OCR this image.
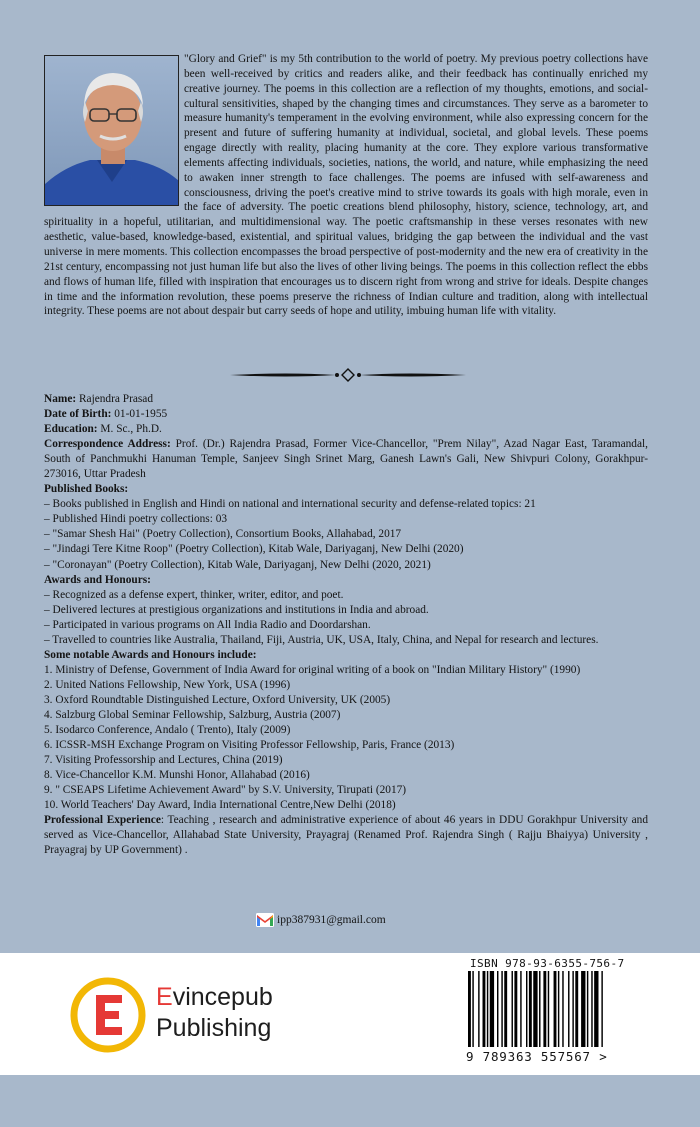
"Glory and Grief" is my 5th contribution to the world of poetry. My previous poetry collections have been well-received by critics and readers alike, and their feedback has continually enriched my creative journey. The poems in this collection are a reflection of my thoughts, emotions, and social-cultural sensitivities, shaped by the changing times and circumstances. They serve as a barometer to measure humanity's temperament in the evolving environment, while also expressing concern for the present and future of suffering humanity at individual, societal, and global levels. These poems engage directly with reality, placing humanity at the core. They explore various transformative elements affecting individuals, societies, nations, the world, and nature, while emphasizing the need to awaken inner strength to face challenges. The poems are infused with self-awareness and consciousness, driving the poet's creative mind to strive towards its goals with high morale, even in the face of adversity. The poetic creations blend philosophy, history, science, technology, art, and spirituality in a hopeful, utilitarian, and multidimensional way. The poetic craftsmanship in these verses resonates with new aesthetic, value-based, knowledge-based, existential, and spiritual values, bridging the gap between the individual and the vast universe in mere moments. This collection encompasses the broad perspective of post-modernity and the new era of creativity in the 21st century, encompassing not just human life but also the lives of other living beings. The poems in this collection reflect the ebbs and flows of human life, filled with inspiration that encourages us to discern right from wrong and strive for ideals. Despite changes in time and the information revolution, these poems preserve the richness of Indian culture and tradition, along with intellectual integrity. These poems are not about despair but carry seeds of hope and utility, imbuing human life with vitality.

Name: Rajendra Prasad

Date of Birth: 01-01-1955

Education: M. Sc., Ph.D.

Correspondence Address: Prof. (Dr.) Rajendra Prasad, Former Vice-Chancellor, "Prem Nilay", Azad Nagar East, Taramandal, South of Panchmukhi Hanuman Temple, Sanjeev Singh Srinet Marg, Ganesh Lawn's Gali, New Shivpuri Colony, Gorakhpur-273016, Uttar Pradesh

Published Books:

– Books published in English and Hindi on national and international security and defense-related topics: 21

– Published Hindi poetry collections: 03

– "Samar Shesh Hai" (Poetry Collection), Consortium Books, Allahabad, 2017

– "Jindagi Tere Kitne Roop" (Poetry Collection), Kitab Wale, Dariyaganj, New Delhi (2020)

– "Coronayan" (Poetry Collection), Kitab Wale, Dariyaganj, New Delhi (2020, 2021)

Awards and Honours:

– Recognized as a defense expert, thinker, writer, editor, and poet.

– Delivered lectures at prestigious organizations and institutions in India and abroad.

– Participated in various programs on All India Radio and Doordarshan.

– Travelled to countries like Australia, Thailand, Fiji, Austria, UK, USA, Italy, China, and Nepal for research and lectures.

Some notable Awards and Honours include:

1. Ministry of Defense, Government of India Award for original writing of a book on "Indian Military History" (1990)

2. United Nations Fellowship, New York, USA (1996)

3. Oxford Roundtable Distinguished Lecture, Oxford University, UK (2005)

4. Salzburg Global Seminar Fellowship, Salzburg, Austria (2007)

5. Isodarco Conference, Andalo ( Trento), Italy (2009)

6. ICSSR-MSH Exchange Program on Visiting Professor Fellowship, Paris, France (2013)

7. Visiting Professorship and Lectures, China (2019)

8. Vice-Chancellor K.M. Munshi Honor, Allahabad (2016)

9. " CSEAPS Lifetime Achievement Award" by S.V. University, Tirupati (2017)

10. World Teachers' Day Award, India International Centre,New Delhi (2018)

Professional Experience: Teaching , research and administrative experience of about 46 years in DDU Gorakhpur University and served as Vice-Chancellor, Allahabad State University, Prayagraj (Renamed Prof. Rajendra Singh ( Rajju Bhaiyya) University , Prayagraj by UP Government) .

ipp387931@gmail.com
Evincepub
Publishing
ISBN 978-93-6355-756-7
9 789363 557567 >
